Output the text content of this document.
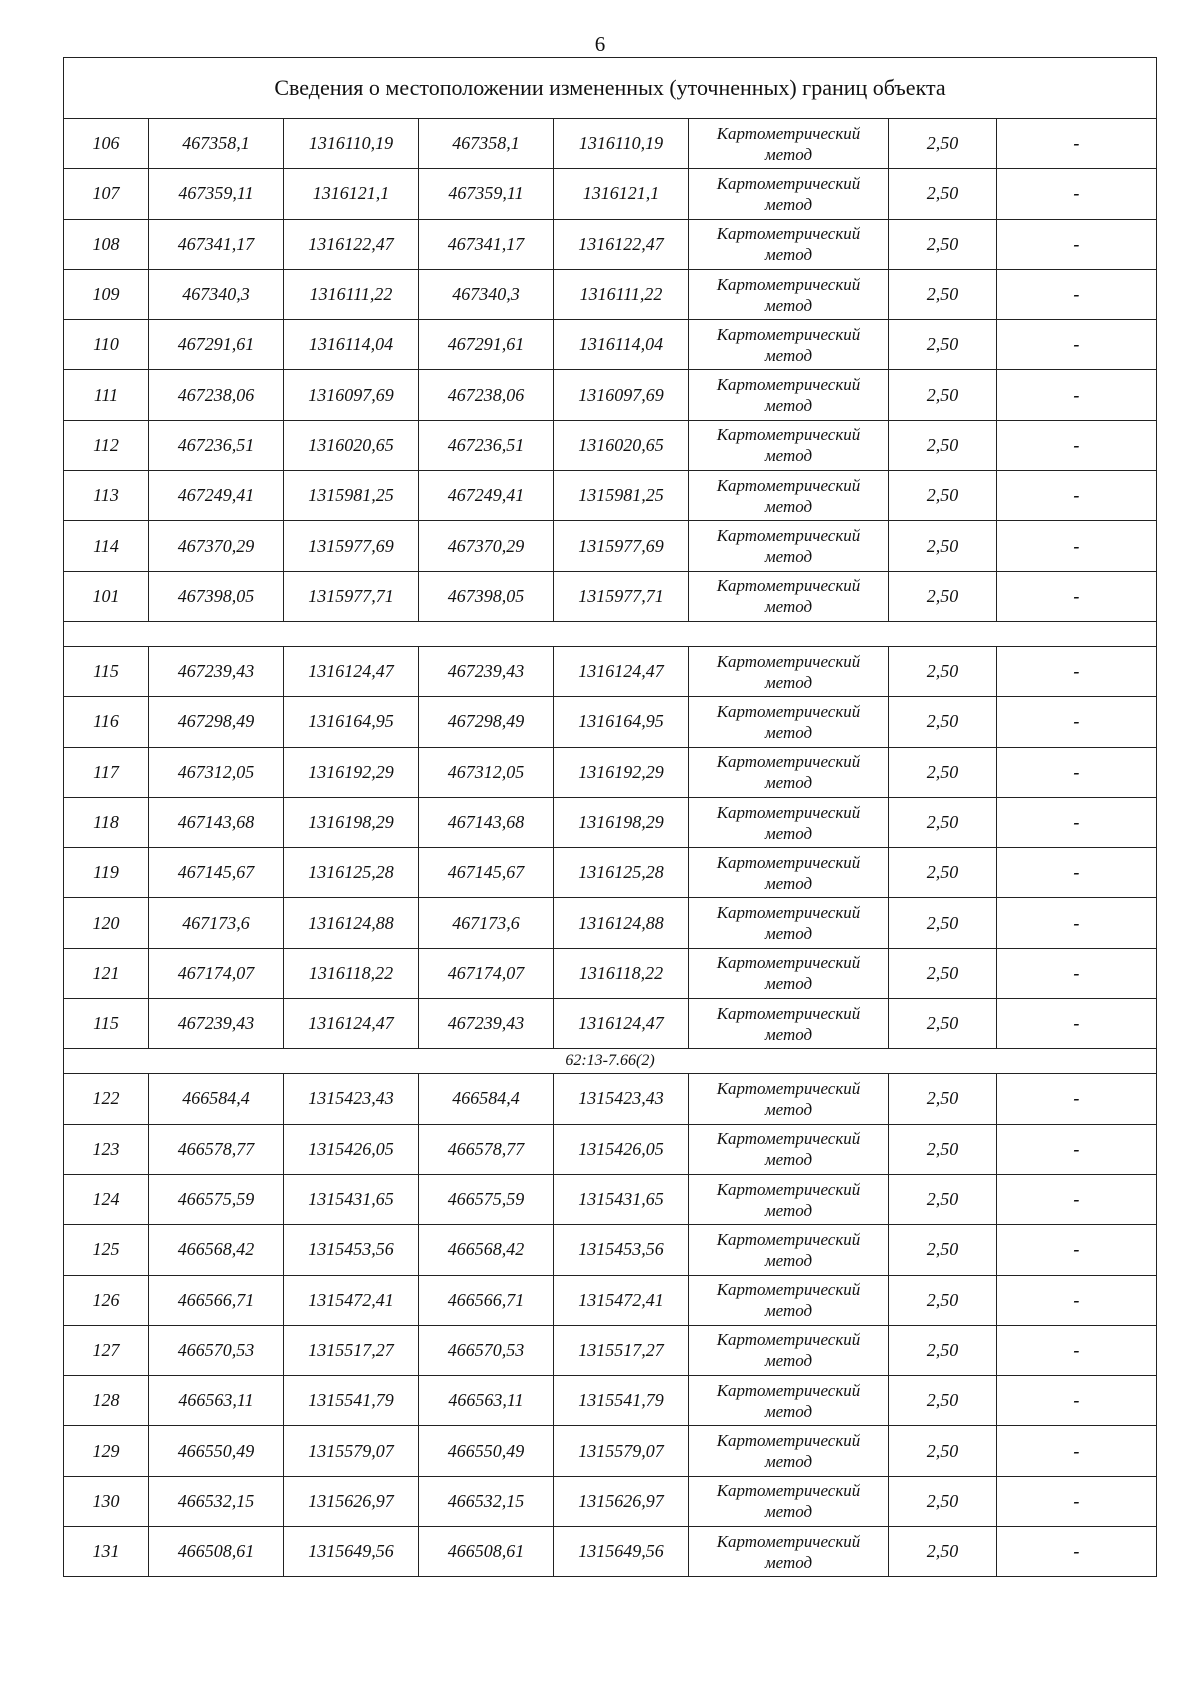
6
Сведения о местоположении измененных (уточненных) границ объекта							
106	467358,1	1316110,19	467358,1	1316110,19	Картометрический
метод	2,50	-
107	467359,11	1316121,1	467359,11	1316121,1	Картометрический
метод	2,50	-
108	467341,17	1316122,47	467341,17	1316122,47	Картометрический
метод	2,50	-
109	467340,3	1316111,22	467340,3	1316111,22	Картометрический
метод	2,50	-
110	467291,61	1316114,04	467291,61	1316114,04	Картометрический
метод	2,50	-
111	467238,06	1316097,69	467238,06	1316097,69	Картометрический
метод	2,50	-
112	467236,51	1316020,65	467236,51	1316020,65	Картометрический
метод	2,50	-
113	467249,41	1315981,25	467249,41	1315981,25	Картометрический
метод	2,50	-
114	467370,29	1315977,69	467370,29	1315977,69	Картометрический
метод	2,50	-
101	467398,05	1315977,71	467398,05	1315977,71	Картометрический
метод	2,50	-

115	467239,43	1316124,47	467239,43	1316124,47	Картометрический
метод	2,50	-
116	467298,49	1316164,95	467298,49	1316164,95	Картометрический
метод	2,50	-
117	467312,05	1316192,29	467312,05	1316192,29	Картометрический
метод	2,50	-
118	467143,68	1316198,29	467143,68	1316198,29	Картометрический
метод	2,50	-
119	467145,67	1316125,28	467145,67	1316125,28	Картометрический
метод	2,50	-
120	467173,6	1316124,88	467173,6	1316124,88	Картометрический
метод	2,50	-
121	467174,07	1316118,22	467174,07	1316118,22	Картометрический
метод	2,50	-
115	467239,43	1316124,47	467239,43	1316124,47	Картометрический
метод	2,50	-
62:13-7.66(2)							
122	466584,4	1315423,43	466584,4	1315423,43	Картометрический
метод	2,50	-
123	466578,77	1315426,05	466578,77	1315426,05	Картометрический
метод	2,50	-
124	466575,59	1315431,65	466575,59	1315431,65	Картометрический
метод	2,50	-
125	466568,42	1315453,56	466568,42	1315453,56	Картометрический
метод	2,50	-
126	466566,71	1315472,41	466566,71	1315472,41	Картометрический
метод	2,50	-
127	466570,53	1315517,27	466570,53	1315517,27	Картометрический
метод	2,50	-
128	466563,11	1315541,79	466563,11	1315541,79	Картометрический
метод	2,50	-
129	466550,49	1315579,07	466550,49	1315579,07	Картометрический
метод	2,50	-
130	466532,15	1315626,97	466532,15	1315626,97	Картометрический
метод	2,50	-
131	466508,61	1315649,56	466508,61	1315649,56	Картометрический
метод	2,50	-
